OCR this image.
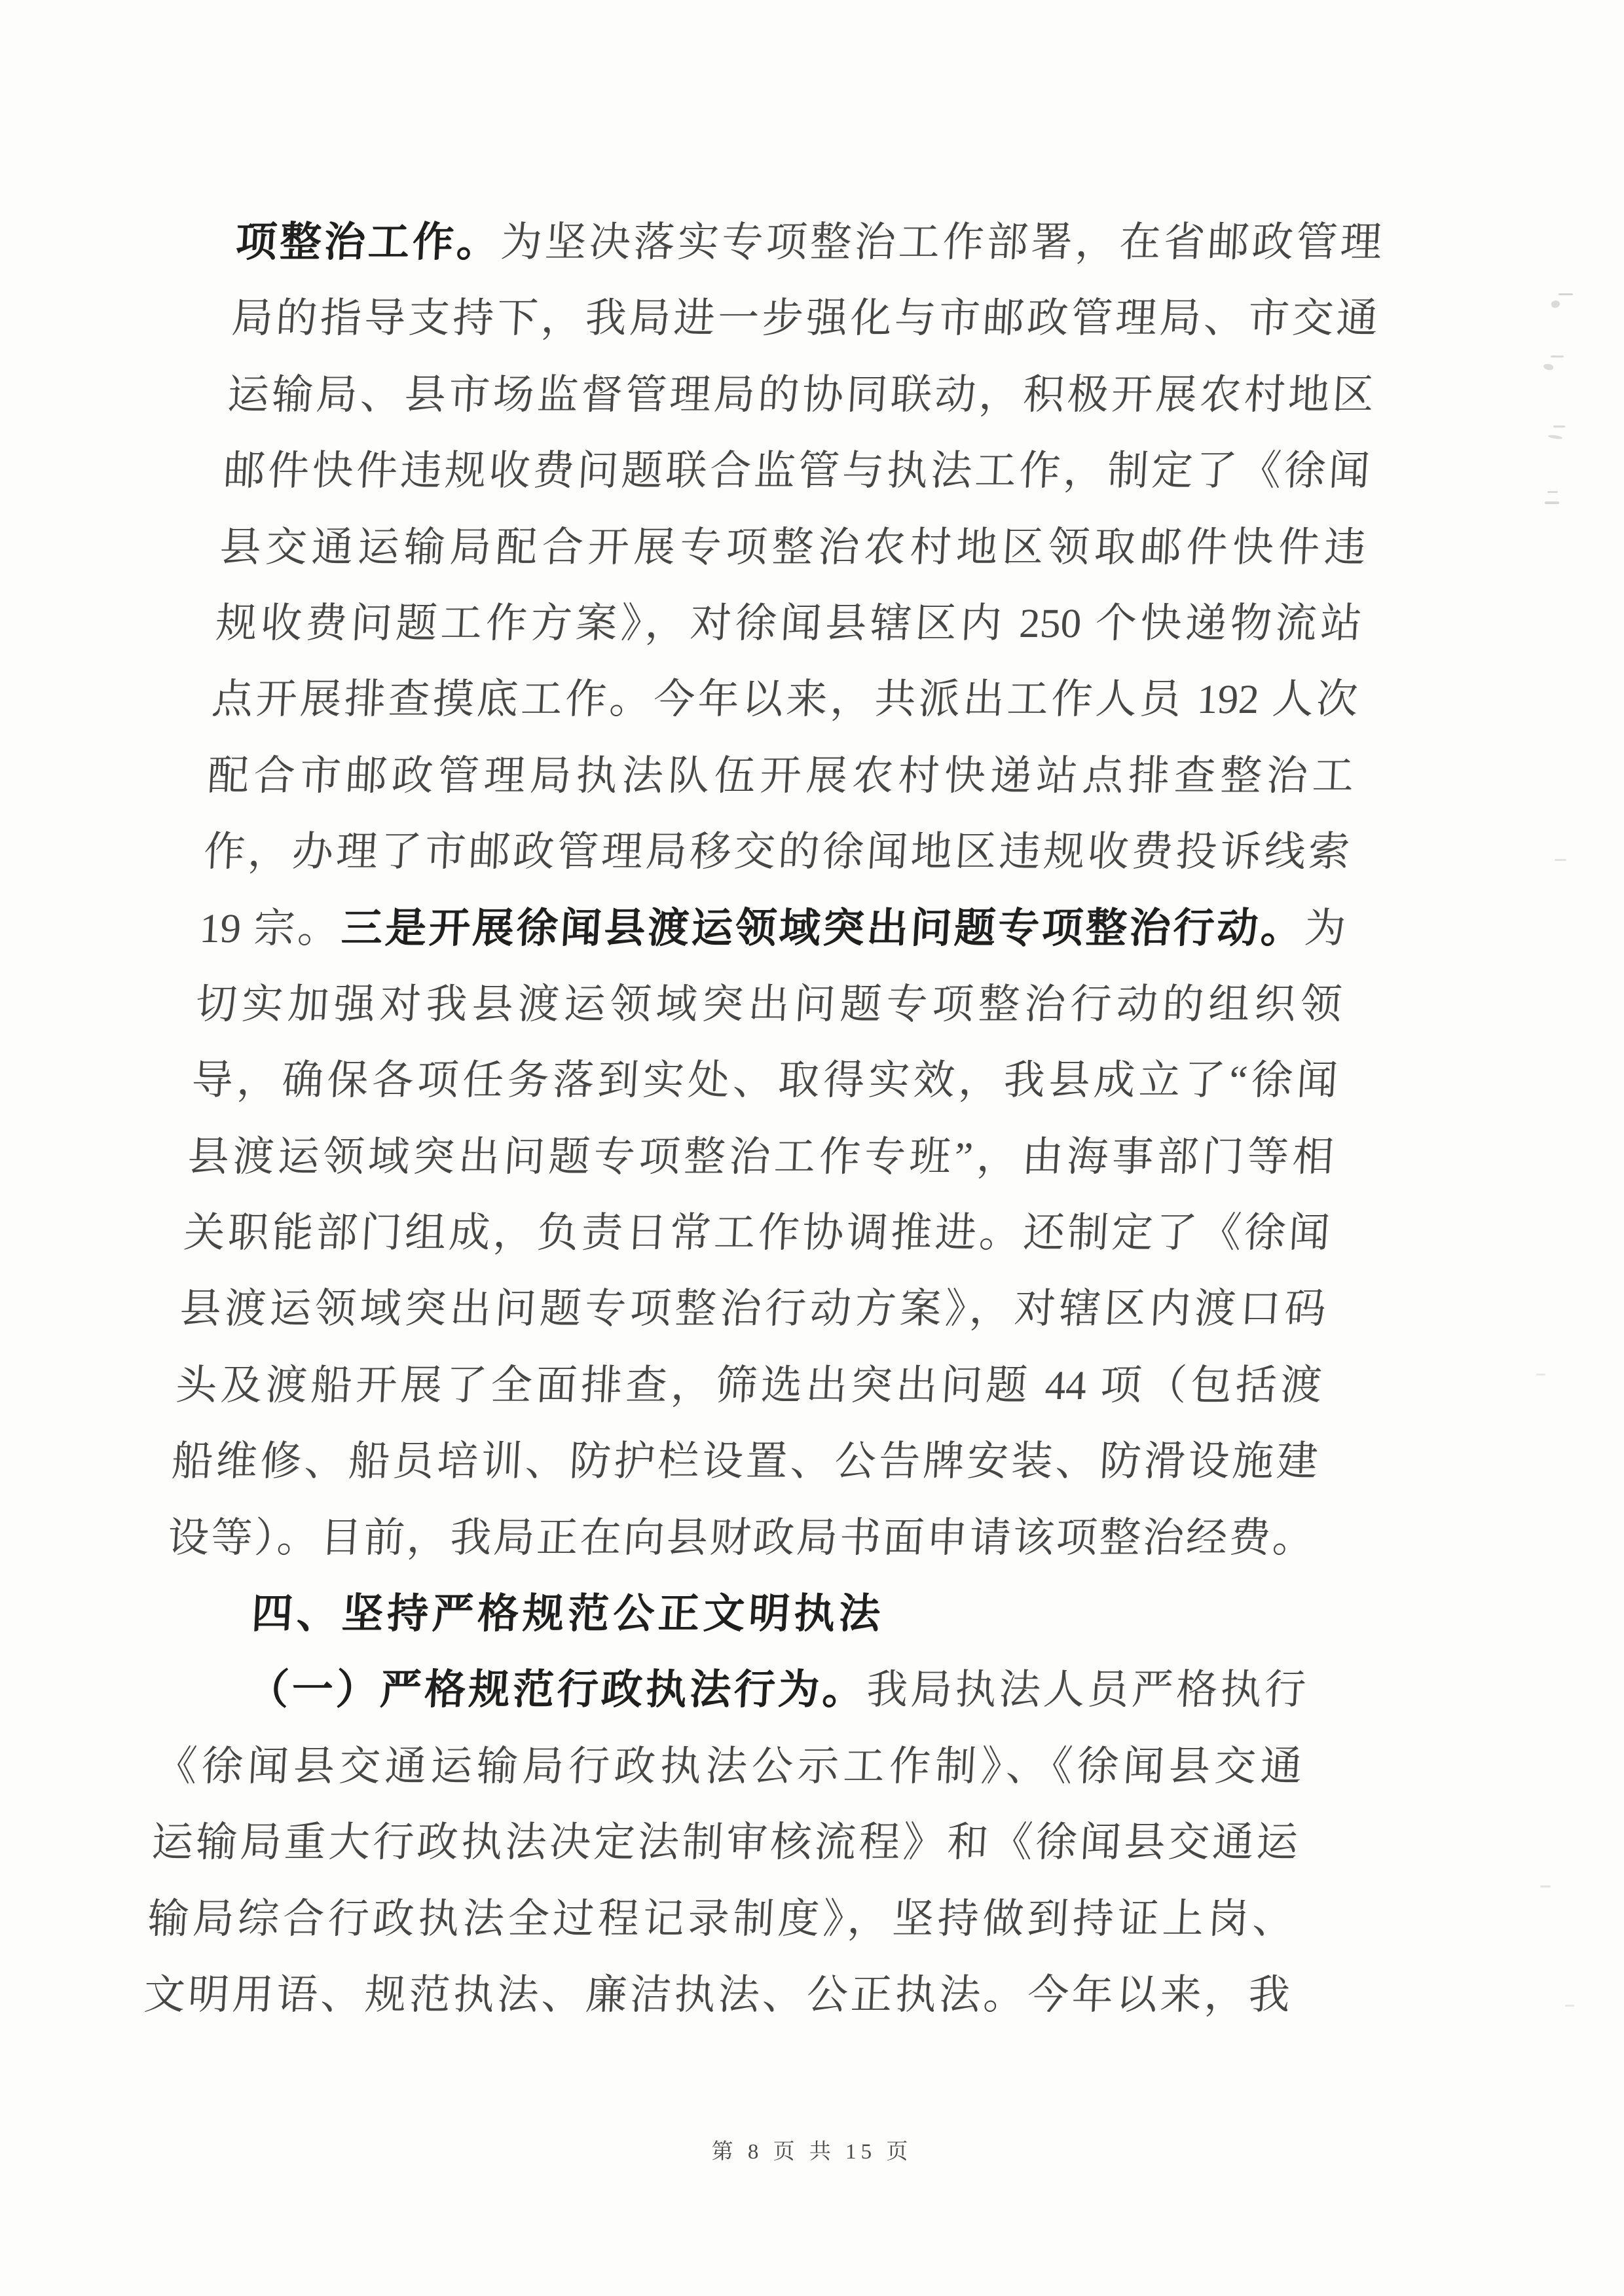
项整治工作。为坚决落实专项整治工作部署，在省邮政管理
局的指导支持下，我局进一步强化与市邮政管理局、市交通
运输局、县市场监督管理局的协同联动，积极开展农村地区
邮件快件违规收费问题联合监管与执法工作，制定了《徐闻
县交通运输局配合开展专项整治农村地区领取邮件快件违
规收费问题工作方案》，对徐闻县辖区内 250 个快递物流站
点开展排查摸底工作。今年以来，共派出工作人员 192 人次
配合市邮政管理局执法队伍开展农村快递站点排查整治工
作，办理了市邮政管理局移交的徐闻地区违规收费投诉线索
19 宗。三是开展徐闻县渡运领域突出问题专项整治行动。为
切实加强对我县渡运领域突出问题专项整治行动的组织领
导，确保各项任务落到实处、取得实效，我县成立了“徐闻
县渡运领域突出问题专项整治工作专班”，由海事部门等相
关职能部门组成，负责日常工作协调推进。还制定了《徐闻
县渡运领域突出问题专项整治行动方案》，对辖区内渡口码
头及渡船开展了全面排查，筛选出突出问题 44 项（包括渡
船维修、船员培训、防护栏设置、公告牌安装、防滑设施建
设等）。目前，我局正在向县财政局书面申请该项整治经费。
四、坚持严格规范公正文明执法
（一）严格规范行政执法行为。我局执法人员严格执行
《徐闻县交通运输局行政执法公示工作制》、《徐闻县交通
运输局重大行政执法决定法制审核流程》和《徐闻县交通运
输局综合行政执法全过程记录制度》，坚持做到持证上岗、
文明用语、规范执法、廉洁执法、公正执法。今年以来，我
第 8 页 共 15 页
